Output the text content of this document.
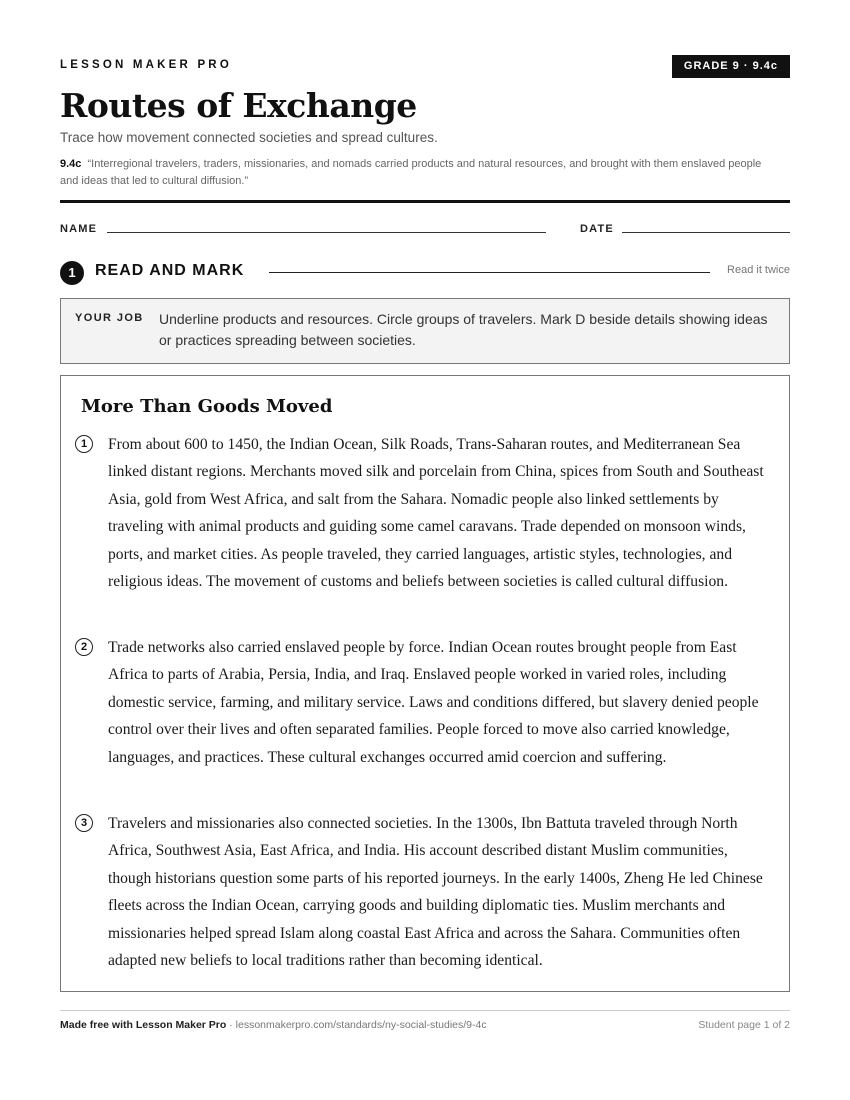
LESSON MAKER PRO	GRADE 9 · 9.4c
Routes of Exchange
Trace how movement connected societies and spread cultures.
9.4c “Interregional travelers, traders, missionaries, and nomads carried products and natural resources, and brought with them enslaved people and ideas that led to cultural diffusion.”
NAME	DATE
1	READ AND MARK	Read it twice
YOUR JOB Underline products and resources. Circle groups of travelers. Mark D beside details showing ideas or practices spreading between societies.
More Than Goods Moved
1	From about 600 to 1450, the Indian Ocean, Silk Roads, Trans-Saharan routes, and Mediterranean Sea linked distant regions. Merchants moved silk and porcelain from China, spices from South and Southeast Asia, gold from West Africa, and salt from the Sahara. Nomadic people also linked settlements by traveling with animal products and guiding some camel caravans. Trade depended on monsoon winds, ports, and market cities. As people traveled, they carried languages, artistic styles, technologies, and religious ideas. The movement of customs and beliefs between societies is called cultural diffusion.

2	Trade networks also carried enslaved people by force. Indian Ocean routes brought people from East Africa to parts of Arabia, Persia, India, and Iraq. Enslaved people worked in varied roles, including domestic service, farming, and military service. Laws and conditions differed, but slavery denied people control over their lives and often separated families. People forced to move also carried knowledge, languages, and practices. These cultural exchanges occurred amid coercion and suffering.

3	Travelers and missionaries also connected societies. In the 1300s, Ibn Battuta traveled through North Africa, Southwest Asia, East Africa, and India. His account described distant Muslim communities, though historians question some parts of his reported journeys. In the early 1400s, Zheng He led Chinese fleets across the Indian Ocean, carrying goods and building diplomatic ties. Muslim merchants and missionaries helped spread Islam along coastal East Africa and across the Sahara. Communities often adapted new beliefs to local traditions rather than becoming identical.

Made free with Lesson Maker Pro · lessonmakerpro.com/standards/ny-social-studies/9-4c	Student page 1 of 2
